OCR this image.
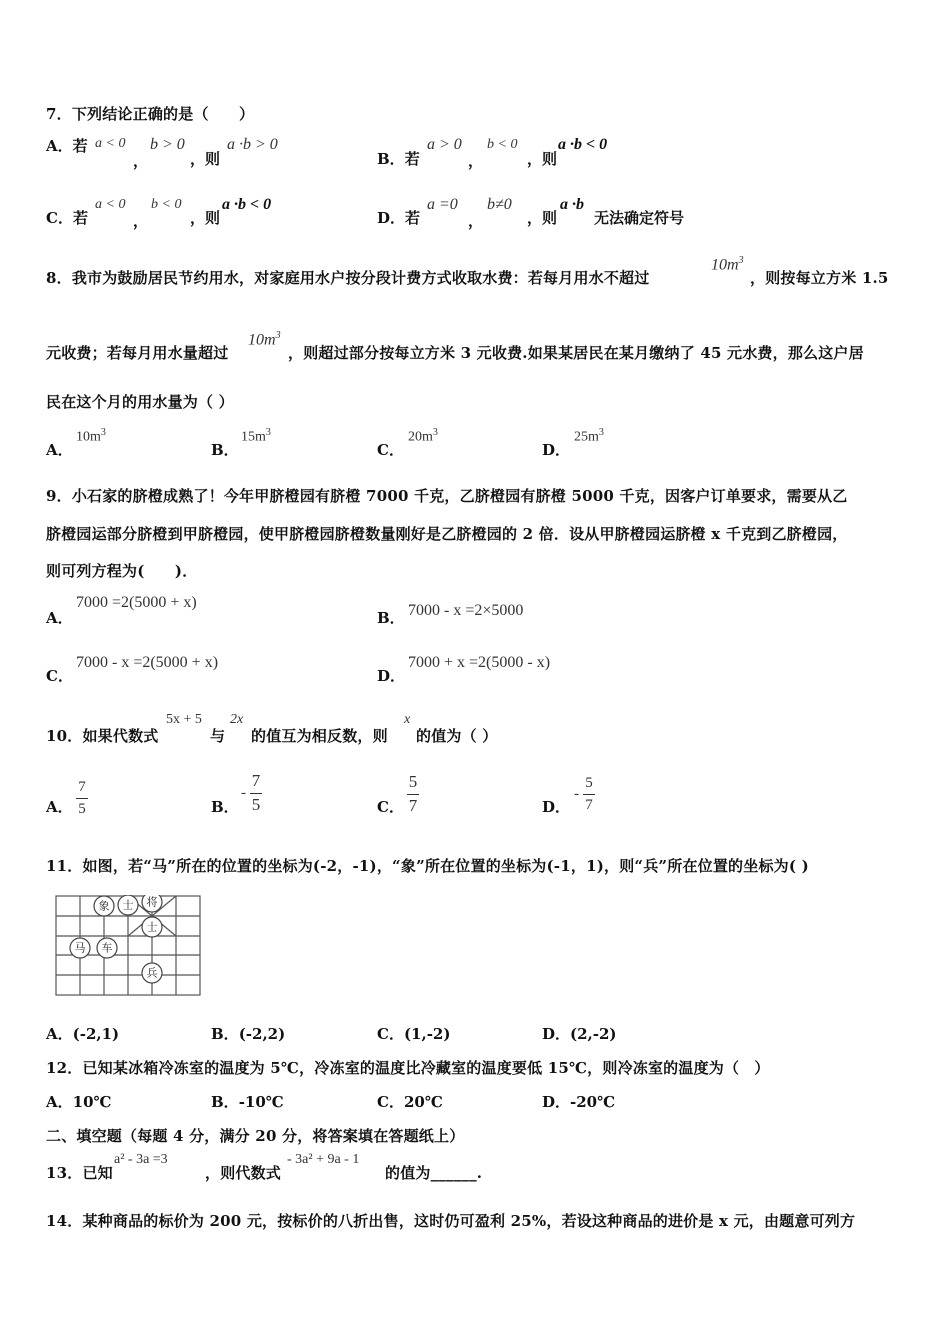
7．下列结论正确的是（　　）
A．若 a < 0
，
b > 0
，则
a ·b > 0
B．若
a > 0
，
b < 0
，则
a ·b < 0
C．若
a < 0
，
b < 0
，则
a ·b < 0
D．若
a =0
，
b≠0
，则
a ·b
无法确定符号
8．我市为鼓励居民节约用水，对家庭用水户按分段计费方式收取水费：若每月用水不超过
$10m^3$
，则按每立方米 1.5
元收费；若每月用水量超过
$10m^3$
，则超过部分按每立方米 3 元收费.如果某居民在某月缴纳了 45 元水费，那么这户居
民在这个月的用水量为（ ）
A．
$10m^3$
B．
$15m^3$
C．
$20m^3$
D．
$25m^3$
9．小石家的脐橙成熟了！今年甲脐橙园有脐橙 7000 千克，乙脐橙园有脐橙 5000 千克，因客户订单要求，需要从乙
脐橙园运部分脐橙到甲脐橙园，使甲脐橙园脐橙数量刚好是乙脐橙园的 2 倍．设从甲脐橙园运脐橙 x 千克到乙脐橙园，
则可列方程为(　　)．
A．
7000 =2(5000 + x)
B． 7000 - x =2×5000
C．
7000 - x =2(5000 + x)
D．
7000 + x =2(5000 - x)
10．如果代数式
5x + 5
与
2x
的值互为相反数，则
x
的值为（ ）
A． $\frac{7}{5}$	B．
- $\frac{7}{5}$	C． $\frac{5}{7}$	D．
- $\frac{5}{7}$
11．如图，若“马”所在的位置的坐标为(-2，-1)，“象”所在位置的坐标为(-1，1)，则“兵”所在位置的坐标为( )
象 士 将
士
马 车
兵
A．(-2,1)	B．(-2,2)	C．(1,-2)	D．(2,-2)
12．已知某冰箱冷冻室的温度为 5℃，冷冻室的温度比冷藏室的温度要低 15℃，则冷冻室的温度为（　）
A．10℃	B．-10℃	C．20℃	D．-20℃
二、填空题（每题 4 分，满分 20 分，将答案填在答题纸上）
13．已知
a² - 3a =3
，则代数式
- 3a² + 9a - 1
的值为______.
14．某种商品的标价为 200 元，按标价的八折出售，这时仍可盈利 25%，若设这种商品的进价是 x 元，由题意可列方
